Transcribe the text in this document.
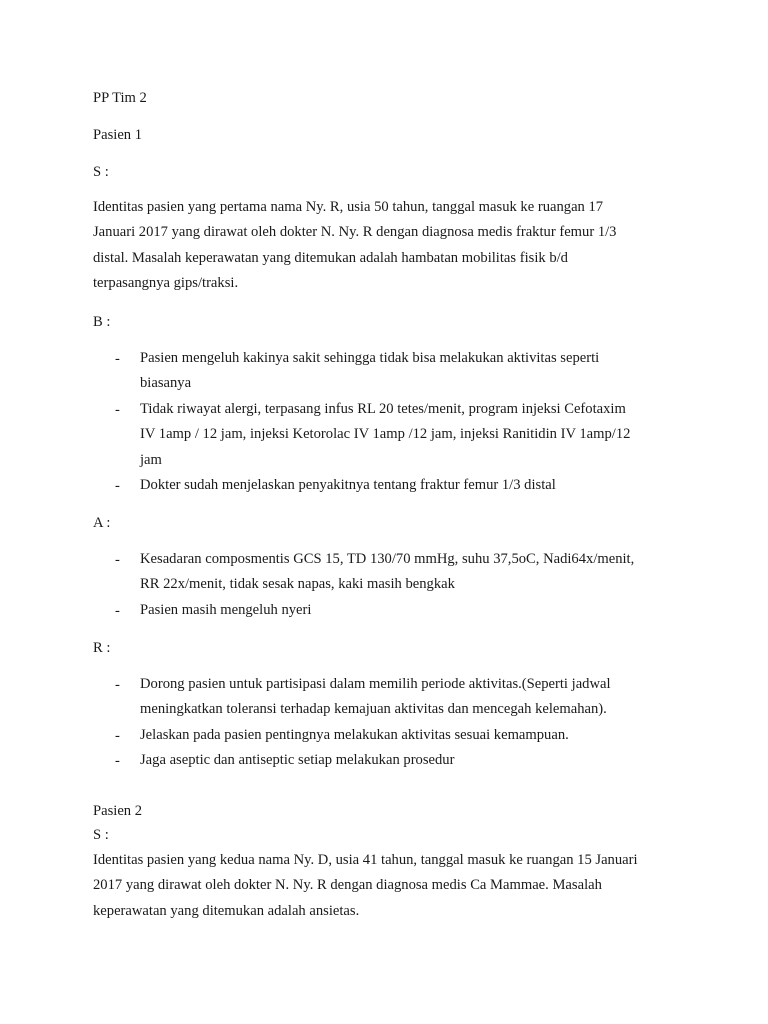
PP Tim 2
Pasien 1
S :
Identitas pasien yang pertama nama Ny. R, usia 50 tahun, tanggal masuk ke ruangan 17
Januari 2017 yang dirawat oleh dokter N. Ny. R dengan diagnosa medis fraktur femur 1/3
distal. Masalah keperawatan yang ditemukan adalah hambatan mobilitas fisik b/d
terpasangnya gips/traksi.
B :
- Pasien mengeluh kakinya sakit sehingga tidak bisa melakukan aktivitas seperti
biasanya
- Tidak riwayat alergi, terpasang infus RL 20 tetes/menit, program injeksi Cefotaxim
IV 1amp / 12 jam, injeksi Ketorolac IV 1amp /12 jam, injeksi Ranitidin IV 1amp/12
jam
- Dokter sudah menjelaskan penyakitnya tentang fraktur femur 1/3 distal
A :
- Kesadaran composmentis GCS 15, TD 130/70 mmHg, suhu 37,5oC, Nadi64x/menit,
RR 22x/menit, tidak sesak napas, kaki masih bengkak
- Pasien masih mengeluh nyeri
R :
- Dorong pasien untuk partisipasi dalam memilih periode aktivitas.(Seperti jadwal
meningkatkan toleransi terhadap kemajuan aktivitas dan mencegah kelemahan).
- Jelaskan pada pasien pentingnya melakukan aktivitas sesuai kemampuan.
- Jaga aseptic dan antiseptic setiap melakukan prosedur
Pasien 2
S :
Identitas pasien yang kedua nama Ny. D, usia 41 tahun, tanggal masuk ke ruangan 15 Januari
2017 yang dirawat oleh dokter N. Ny. R dengan diagnosa medis Ca Mammae. Masalah
keperawatan yang ditemukan adalah ansietas.
